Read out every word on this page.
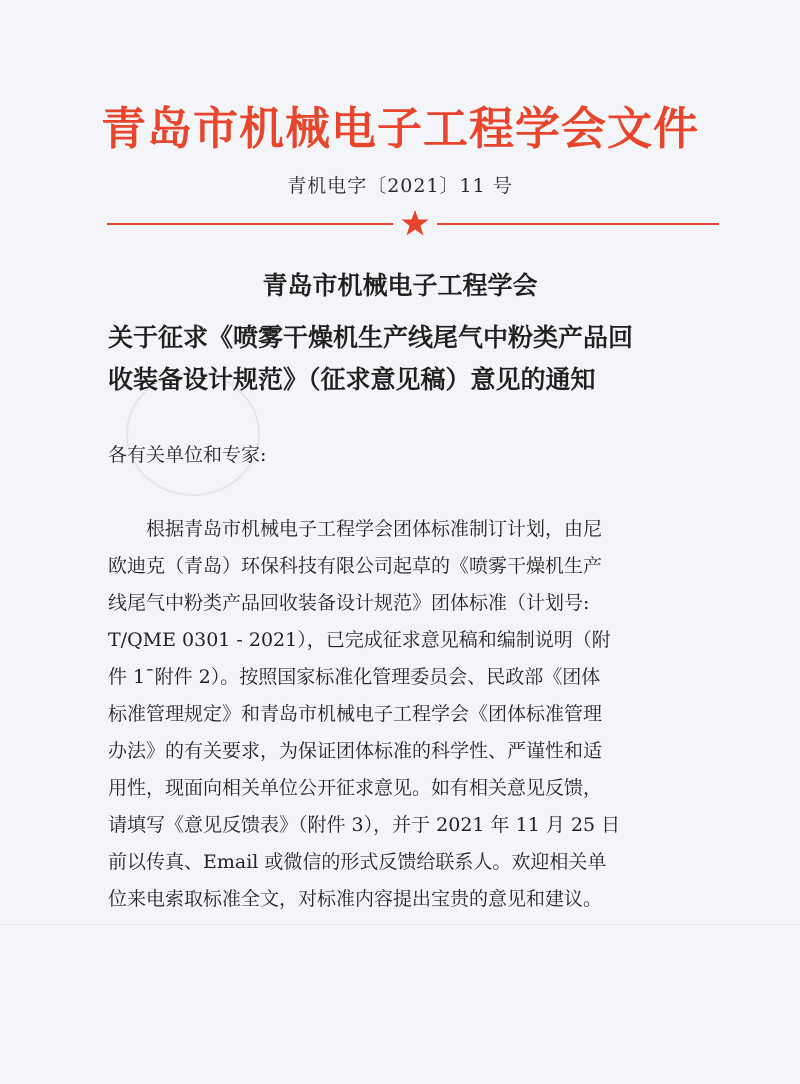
青岛市机械电子工程学会文件
青机电字〔2021〕11 号
青岛市机械电子工程学会
关于征求《喷雾干燥机生产线尾气中粉类产品回
收装备设计规范》（征求意见稿）意见的通知
各有关单位和专家:
根据青岛市机械电子工程学会团体标准制订计划，由尼
欧迪克（青岛）环保科技有限公司起草的《喷雾干燥机生产
线尾气中粉类产品回收装备设计规范》团体标准（计划号:
T/QME 0301 - 2021），已完成征求意见稿和编制说明（附
件 1¯附件 2）。按照国家标准化管理委员会、民政部《团体
标准管理规定》和青岛市机械电子工程学会《团体标准管理
办法》的有关要求，为保证团体标准的科学性、严谨性和适
用性，现面向相关单位公开征求意见。如有相关意见反馈，
请填写《意见反馈表》（附件 3），并于 2021 年 11 月 25 日
前以传真、Email 或微信的形式反馈给联系人。欢迎相关单
位来电索取标准全文，对标准内容提出宝贵的意见和建议。
